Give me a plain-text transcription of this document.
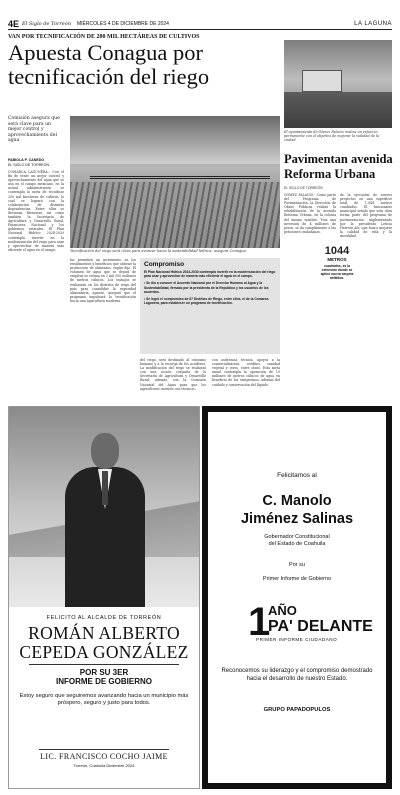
4E El Siglo de Torreón MIÉRCOLES 4 DE DICIEMBRE DE 2024	LA LAGUNA
VAN POR TECNIFICACIÓN DE 200 MIL HECTÁREAS DE CULTIVOS
Apuesta Conagua por tecnificación del riego
Comisión asegura que será clave para un mejor control y aprovechamiento del agua
FABIOLA P. CANEDO
EL SIGLO DE TORREÓN
COMARCA LAGUNERA.- Con el fin de tener un mejor control y aprovechamiento del agua que se usa en el campo mexicano, en la actual administración se contempla la meta de tecnificar 200 mil hectáreas de cultivos, lo cual se logrará con la colaboración de distintas dependencias. Entre ellas se destacan Bienestar, así como también la Secretaría de Agricultura y Desarrollo Rural, Financiera Nacional y los gobiernos estatales. El Plan Nacional Hídrico 2024-2030 contempla invertir en la modernización del riego para usar y aprovechar de manera más eficiente el agua en el campo.
las permitirá un incremento en los rendimientos y beneficios que obtiene la producción de alimentos, según dijo. El volumen de agua que se dejará de emplear se estima en 2 mil 500 millones de metros cúbicos. Los trabajos se realizarán en los distritos de riego del país para consolidar la seguridad alimentaria, apuntó. Aseguró que el programa impulsará la tecnificación hacia una agricultura moderna.
del riego, será destinado al consumo humano y a la recarga de los acuíferos. La modificación del riego se realizará con una acción conjunta de la Secretaría de Agricultura y Desarrollo Rural; además, con la Comisión Nacional del Agua para que los agricultores cuenten con técnicas.
con asistencia técnica, apoyos a la comercialización, créditos, sanidad vegetal y otros, entre otras. Esta meta anual contempla la operación de 10 millones de metros cúbicos de agua en beneficio de los campesinos, además del cuidado y conservación del líquido.
Tecnificación del riego será clave para avanzar hacia la sostenibilidad hídrica, asegura Conagua.
Compromiso
El Plan Nacional Hídrico 2024-2030 contempla invertir en la modernización del riego para usar y aprovechar de manera más eficiente el agua en el campo.
• Se dio a conocer el Acuerdo Nacional por el Derecho Humano al Agua y la Sustentabilidad, firmado por la presidenta de la República y los usuarios de los acuerdos.
• Se logró el compromiso de 67 Distritos de Riego, entre ellos, el de la Comarca Lagunera, para establecer un programa de tecnificación.
El ayuntamiento de Gómez Palacio realiza un esfuerzo permanente con el objetivo de mejorar la vialidad de la ciudad.
Pavimentan avenida Reforma Urbana
EL SIGLO DE TORREÓN
GÓMEZ PALACIO.- Como parte del Programa de Pavimentación, la Dirección de Obras Públicas realizó la rehabilitación de la avenida Reforma Urbana, en la colonia del mismo nombre. Tras una inversión de 4 millones de pesos, se da cumplimiento a las peticiones ciudadanas.
de la ejecución de nuevos proyectos en una superficie total de 1,044 metros cuadrados. El funcionario municipal señaló que esta obra forma parte del programa de pavimentación implementado por la presidenta Leticia Herrera Ale, que busca mejorar la calidad de vida y la movilidad.
1044
METROS
cuadrados, es la extensión donde se aplicó nueva carpeta asfáltica.
FELICITO AL ALCALDE DE TORREÓN
ROMÁN ALBERTO
CEPEDA GONZÁLEZ
POR SU 3ER
INFORME DE GOBIERNO
Estoy seguro que seguiremos avanzando hacia un municipio más próspero, seguro y justo para todos.
LIC. FRANCISCO COCHO JAIME
Torreón, Coahuila Diciembre 2024
Felicitamos al
C. Manolo
Jiménez Salinas
Gobernador Constitucional
del Estado de Coahuila
Por su
Primer Informe de Gobierno
1
AÑO
PA' DELANTE
PRIMER INFORME CIUDADANO
Reconocemos su liderazgo y el compromiso demostrado hacia el desarrollo de nuestro Estado.
GRUPO PAPADOPULOS
